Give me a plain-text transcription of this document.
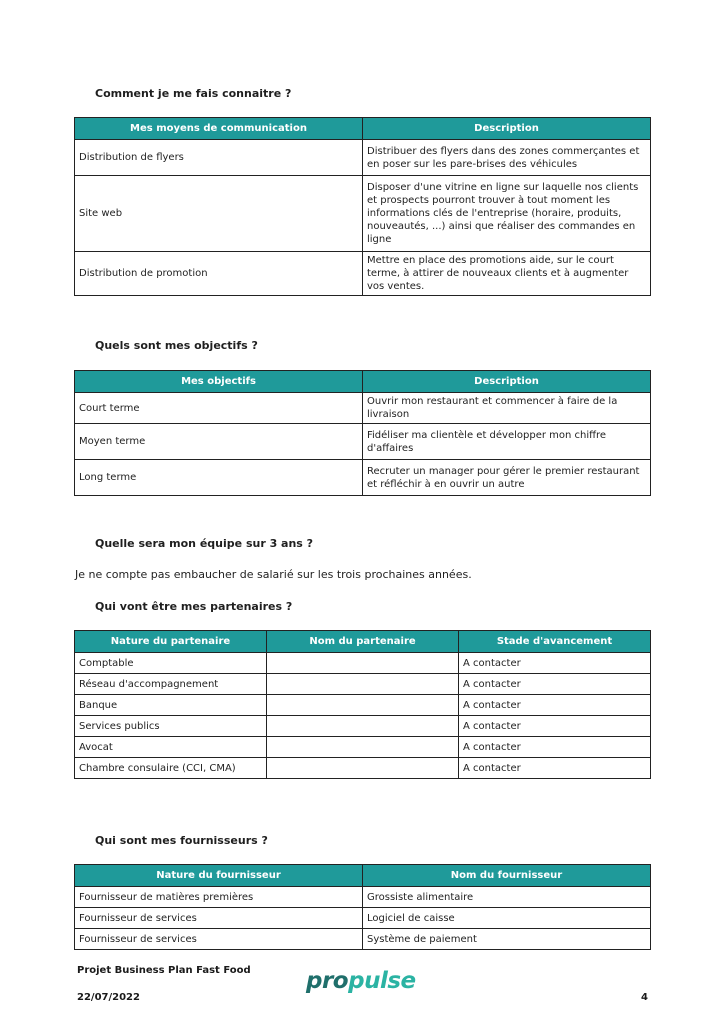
Comment je me fais connaitre ?
Mes moyens de communication	Description
Distribution de flyers	Distribuer des flyers dans des zones commerçantes et en poser sur les pare-brises des véhicules
Site web	Disposer d'une vitrine en ligne sur laquelle nos clients et prospects pourront trouver à tout moment les informations clés de l'entreprise (horaire, produits, nouveautés, ...) ainsi que réaliser des commandes en ligne
Distribution de promotion	Mettre en place des promotions aide, sur le court terme, à attirer de nouveaux clients et à augmenter vos ventes.
Quels sont mes objectifs ?
Mes objectifs	Description
Court terme	Ouvrir mon restaurant et commencer à faire de la livraison
Moyen terme	Fidéliser ma clientèle et développer mon chiffre d'affaires
Long terme	Recruter un manager pour gérer le premier restaurant et réfléchir à en ouvrir un autre
Quelle sera mon équipe sur 3 ans ?
Je ne compte pas embaucher de salarié sur les trois prochaines années.
Qui vont être mes partenaires ?
Nature du partenaire	Nom du partenaire	Stade d'avancement
Comptable		A contacter
Réseau d'accompagnement		A contacter
Banque		A contacter
Services publics		A contacter
Avocat		A contacter
Chambre consulaire (CCI, CMA)		A contacter
Qui sont mes fournisseurs ?
Nature du fournisseur	Nom du fournisseur
Fournisseur de matières premières	Grossiste alimentaire
Fournisseur de services	Logiciel de caisse
Fournisseur de services	Système de paiement
Projet Business Plan Fast Food propulse
22/07/2022	4
